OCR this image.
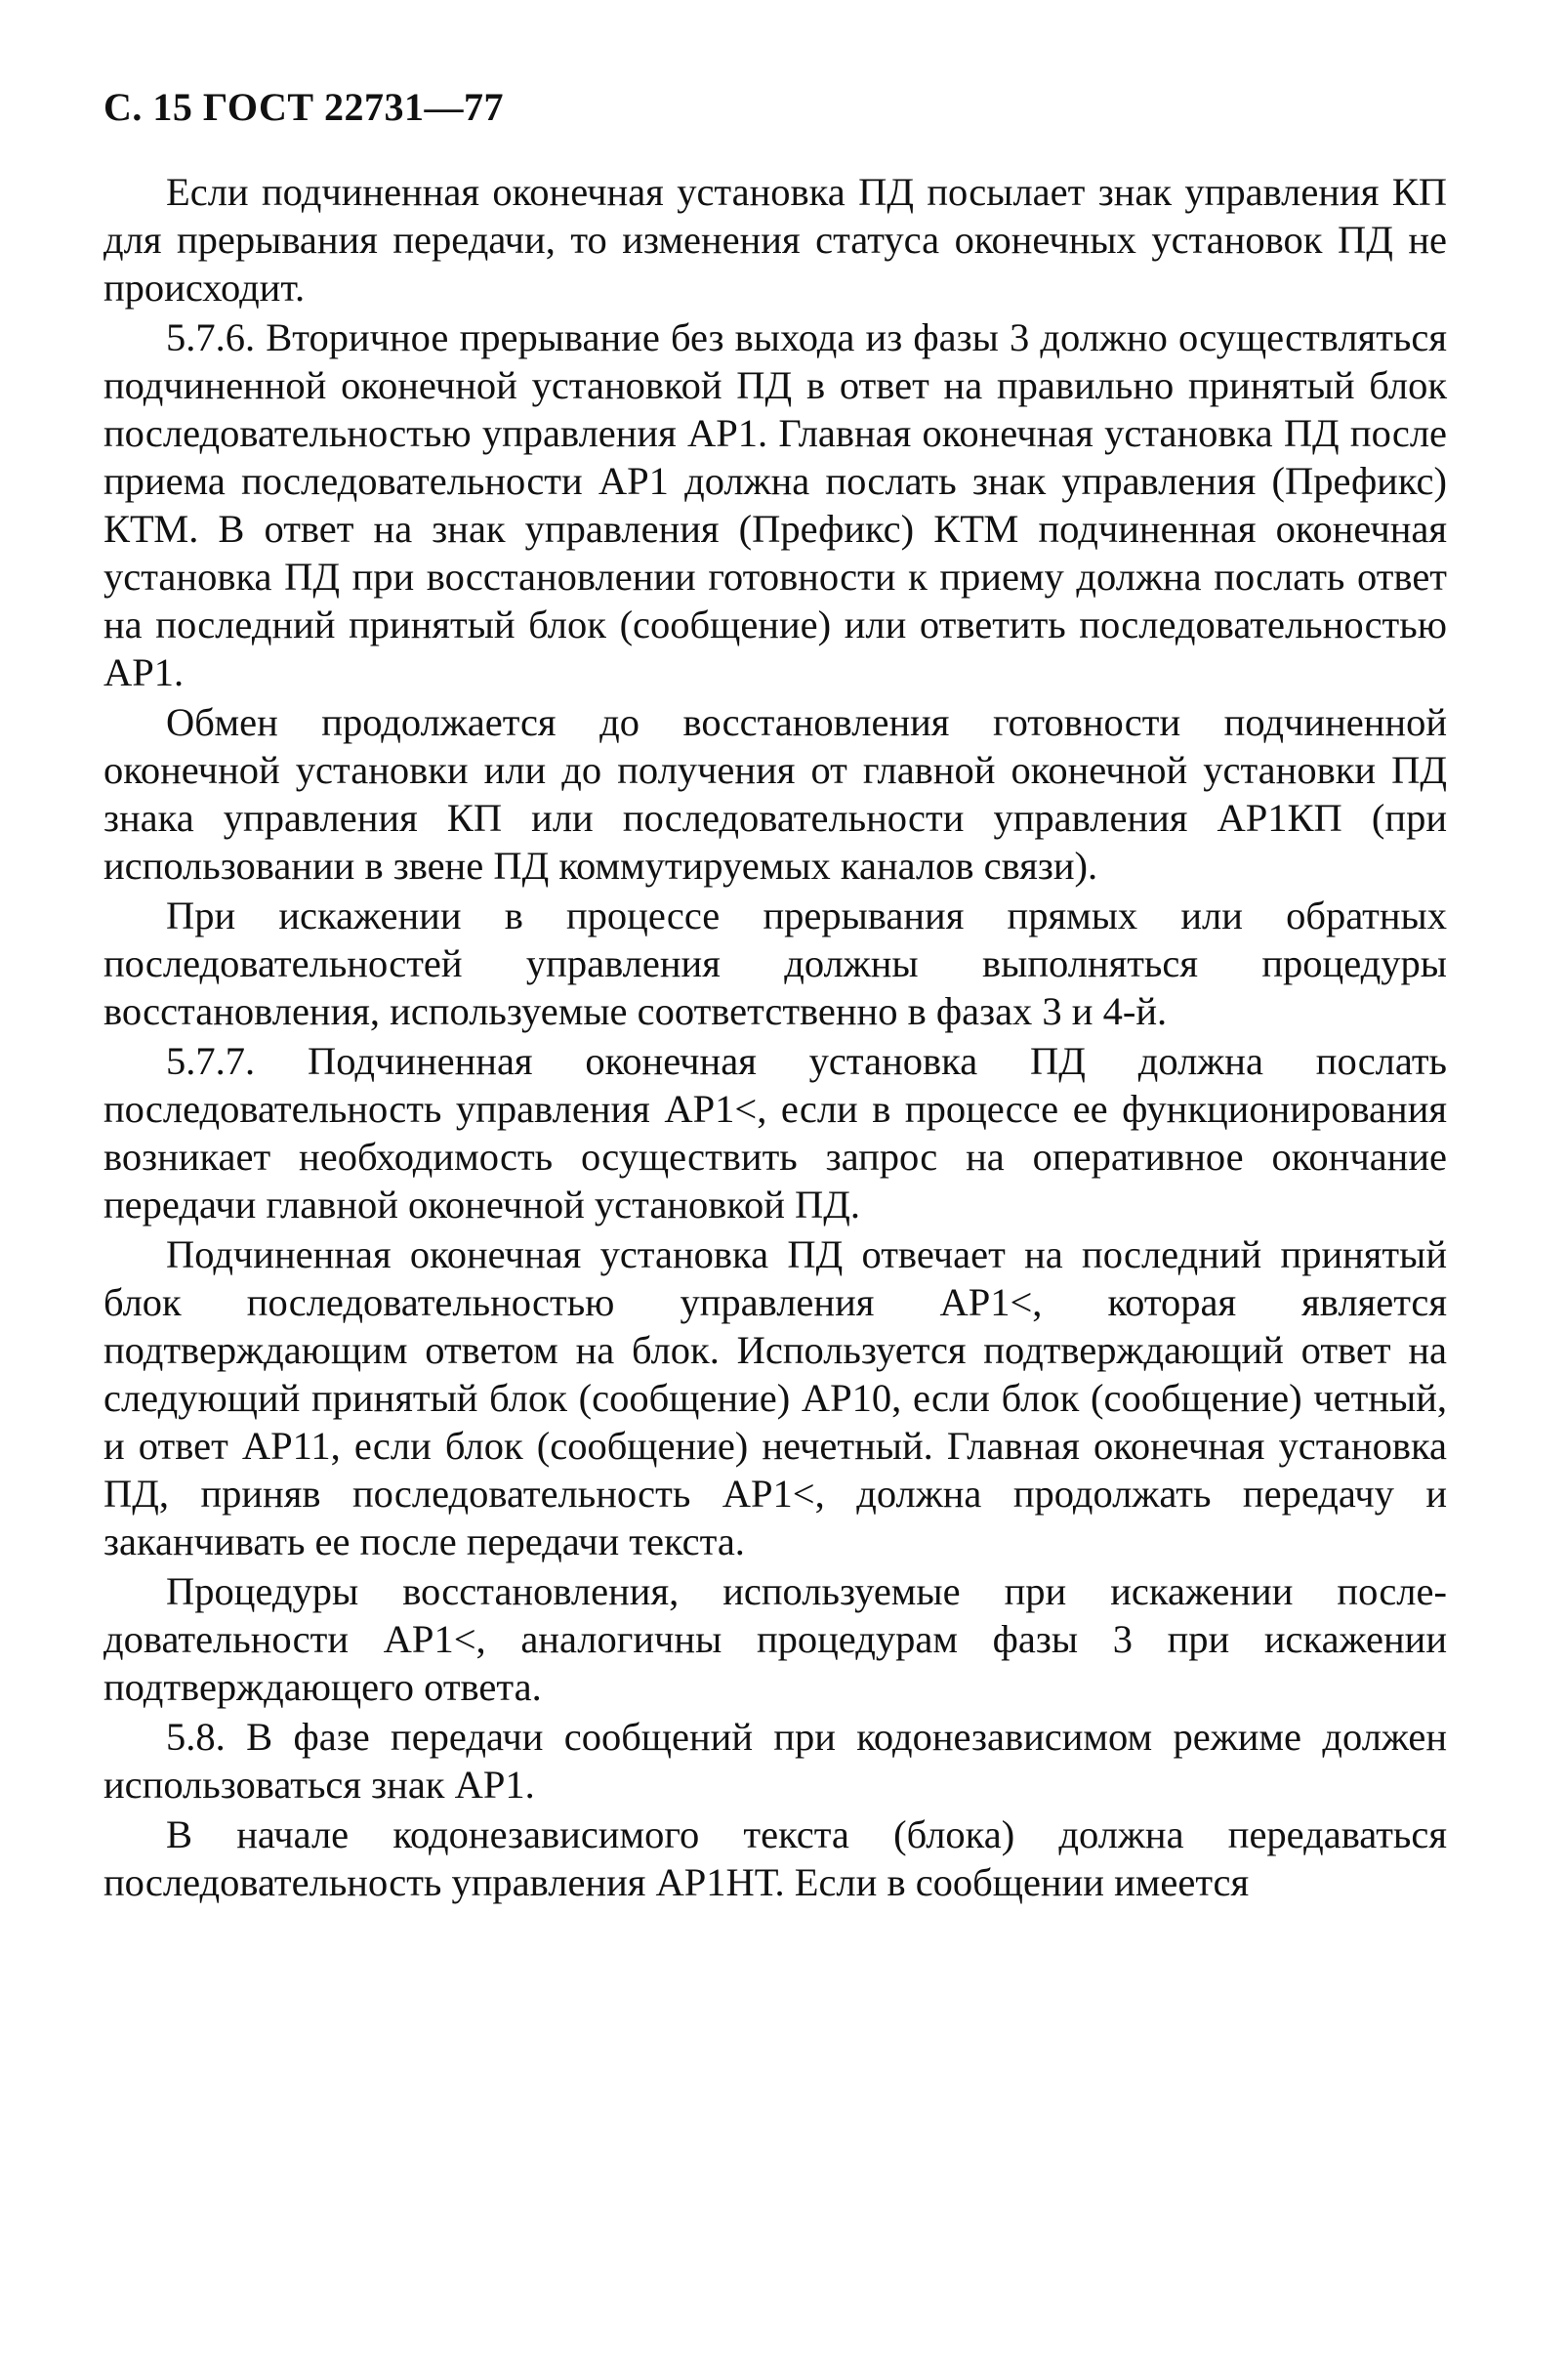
С. 15 ГОСТ 22731—77

Если подчиненная оконечная установка ПД посылает знак управления КП для прерывания передачи, то изменения статуса оконечных установок ПД не происходит.

5.7.6. Вторичное прерывание без выхода из фазы 3 должно осуществляться подчиненной оконечной установкой ПД в ответ на правильно принятый блок последовательностью управления АР1. Главная оконечная установка ПД после приема последовательности АР1 должна послать знак управления (Префикс) КТМ. В ответ на знак управления (Префикс) КТМ подчиненная оконечная установка ПД при восстановлении готовности к приему должна послать ответ на последний принятый блок (сообщение) или ответить последовательностью АР1.

Обмен продолжается до восстановления готовности подчиненной оконечной установки или до получения от главной оконечной установки ПД знака управления КП или последовательности управления АР1КП (при использовании в звене ПД коммутируемых каналов связи).

При искажении в процессе прерывания прямых или обратных последовательностей управления должны выполняться процедуры восстановления, используемые соответственно в фазах 3 и 4-й.

5.7.7. Подчиненная оконечная установка ПД должна послать последовательность управления АР1<, если в процессе ее функционирования возникает необходимость осуществить запрос на оперативное окончание передачи главной оконечной установкой ПД.

Подчиненная оконечная установка ПД отвечает на последний принятый блок последовательностью управления АР1<, которая является подтверждающим ответом на блок. Используется подтверждающий ответ на следующий принятый блок (сообщение) АР10, если блок (сообщение) четный, и ответ АР11, если блок (сообщение) нечетный. Главная оконечная установка ПД, приняв последовательность АР1<, должна продолжать передачу и заканчивать ее после передачи текста.

Процедуры восстановления, используемые при искажении последовательности АР1<, аналогичны процедурам фазы 3 при искажении подтверждающего ответа.

5.8. В фазе передачи сообщений при кодонезависимом режиме должен использоваться знак АР1.

В начале кодонезависимого текста (блока) должна передаваться последовательность управления АР1НТ. Если в сообщении имеется
